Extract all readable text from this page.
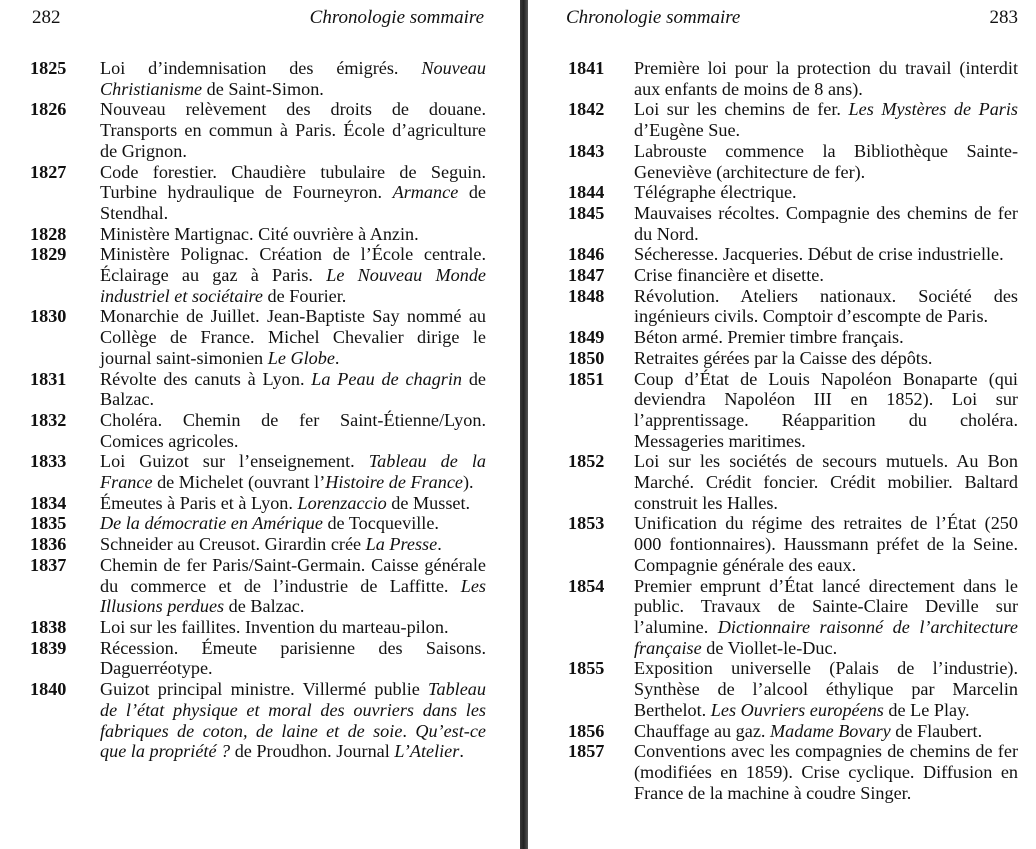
282	Chronologie sommaire
1825	Loi d’indemnisation des émigrés. Nouveau Christianisme de Saint-Simon.
1826	Nouveau relèvement des droits de douane. Transports en commun à Paris. École d’agriculture de Grignon.
1827	Code forestier. Chaudière tubulaire de Seguin. Turbine hydraulique de Fourneyron. Armance de Stendhal.
1828	Ministère Martignac. Cité ouvrière à Anzin.
1829	Ministère Polignac. Création de l’École centrale. Éclairage au gaz à Paris. Le Nouveau Monde industriel et sociétaire de Fourier.
1830	Monarchie de Juillet. Jean-Baptiste Say nommé au Collège de France. Michel Chevalier dirige le journal saint-simonien Le Globe.
1831	Révolte des canuts à Lyon. La Peau de chagrin de Balzac.
1832	Choléra. Chemin de fer Saint-Étienne/Lyon. Comices agricoles.
1833	Loi Guizot sur l’enseignement. Tableau de la France de Michelet (ouvrant l’Histoire de France).
1834	Émeutes à Paris et à Lyon. Lorenzaccio de Musset.
1835	De la démocratie en Amérique de Tocqueville.
1836	Schneider au Creusot. Girardin crée La Presse.
1837	Chemin de fer Paris/Saint-Germain. Caisse générale du commerce et de l’industrie de Laffitte. Les Illusions perdues de Balzac.
1838	Loi sur les faillites. Invention du marteau-pilon.
1839	Récession. Émeute parisienne des Saisons. Daguerréotype.
1840	Guizot principal ministre. Villermé publie Tableau de l’état physique et moral des ouvriers dans les fabriques de coton, de laine et de soie. Qu’est-ce que la propriété ? de Proudhon. Journal L’Atelier.
Chronologie sommaire	283
1841	Première loi pour la protection du travail (interdit aux enfants de moins de 8 ans).
1842	Loi sur les chemins de fer. Les Mystères de Paris d’Eugène Sue.
1843	Labrouste commence la Bibliothèque Sainte-Geneviève (architecture de fer).
1844	Télégraphe électrique.
1845	Mauvaises récoltes. Compagnie des chemins de fer du Nord.
1846	Sécheresse. Jacqueries. Début de crise industrielle.
1847	Crise financière et disette.
1848	Révolution. Ateliers nationaux. Société des ingénieurs civils. Comptoir d’escompte de Paris.
1849	Béton armé. Premier timbre français.
1850	Retraites gérées par la Caisse des dépôts.
1851	Coup d’État de Louis Napoléon Bonaparte (qui deviendra Napoléon III en 1852). Loi sur l’apprentissage. Réapparition du choléra. Messageries maritimes.
1852	Loi sur les sociétés de secours mutuels. Au Bon Marché. Crédit foncier. Crédit mobilier. Baltard construit les Halles.
1853	Unification du régime des retraites de l’État (250 000 fontionnaires). Haussmann préfet de la Seine. Compagnie générale des eaux.
1854	Premier emprunt d’État lancé directement dans le public. Travaux de Sainte-Claire Deville sur l’alumine. Dictionnaire raisonné de l’architecture française de Viollet-le-Duc.
1855	Exposition universelle (Palais de l’industrie). Synthèse de l’alcool éthylique par Marcelin Berthelot. Les Ouvriers européens de Le Play.
1856	Chauffage au gaz. Madame Bovary de Flaubert.
1857	Conventions avec les compagnies de chemins de fer (modifiées en 1859). Crise cyclique. Diffusion en France de la machine à coudre Singer.
